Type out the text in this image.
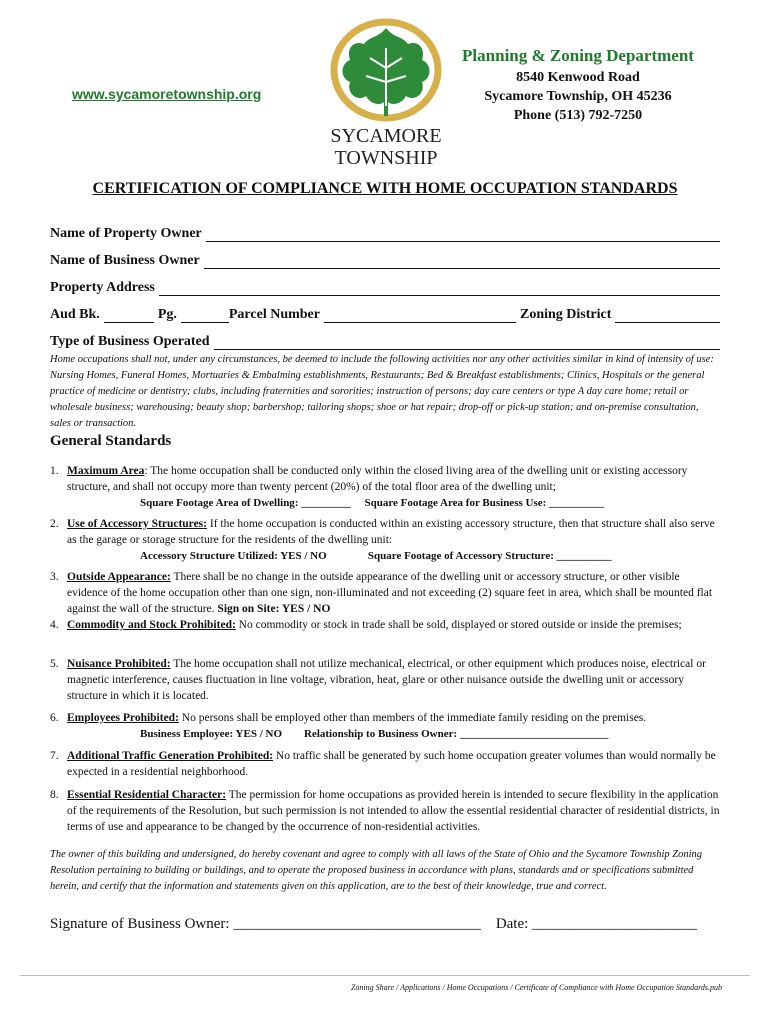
www.sycamoretownship.org
SYCAMORE
TOWNSHIP
Planning & Zoning Department
8540 Kenwood Road
Sycamore Township, OH 45236
Phone (513) 792-7250
CERTIFICATION OF COMPLIANCE WITH HOME OCCUPATION STANDARDS
Name of Property Owner
Name of Business Owner
Property Address
Aud Bk.	Pg.	Parcel Number	Zoning District
Type of Business Operated
Home occupations shall not, under any circumstances, be deemed to include the following activities nor any other activities similar in kind of intensity of use: Nursing Homes, Funeral Homes, Mortuaries & Embalming establishments, Restaurants; Bed & Breakfast establishments; Clinics, Hospitals or the general practice of medicine or dentistry; clubs, including fraternities and sororities; instruction of persons; day care centers or type A day care home; retail or wholesale business; warehousing; beauty shop; barbershop; tailoring shops; shoe or hat repair; drop-off or pick-up station; and on-premise consultation, sales or transaction.
General Standards
1. Maximum Area: The home occupation shall be conducted only within the closed living area of the dwelling unit or existing accessory structure, and shall not occupy more than twenty percent (20%) of the total floor area of the dwelling unit;
Square Footage Area of Dwelling: _________ Square Footage Area for Business Use: __________
2. Use of Accessory Structures: If the home occupation is conducted within an existing accessory structure, then that structure shall also serve as the garage or storage structure for the residents of the dwelling unit:
Accessory Structure Utilized: YES / NO	Square Footage of Accessory Structure: __________
3. Outside Appearance: There shall be no change in the outside appearance of the dwelling unit or accessory structure, or other visible evidence of the home occupation other than one sign, non-illuminated and not exceeding (2) square feet in area, which shall be mounted flat against the wall of the structure. Sign on Site: YES / NO
4. Commodity and Stock Prohibited: No commodity or stock in trade shall be sold, displayed or stored outside or inside the premises;
5. Nuisance Prohibited: The home occupation shall not utilize mechanical, electrical, or other equipment which produces noise, electrical or magnetic interference, causes fluctuation in line voltage, vibration, heat, glare or other nuisance outside the dwelling unit or accessory structure in which it is located.
6. Employees Prohibited: No persons shall be employed other than members of the immediate family residing on the premises.
Business Employee: YES / NO Relationship to Business Owner: ___________________________
7. Additional Traffic Generation Prohibited: No traffic shall be generated by such home occupation greater volumes than would normally be expected in a residential neighborhood.
8. Essential Residential Character: The permission for home occupations as provided herein is intended to secure flexibility in the application of the requirements of the Resolution, but such permission is not intended to allow the essential residential character of residential districts, in terms of use and appearance to be changed by the occurrence of non-residential activities.
The owner of this building and undersigned, do hereby covenant and agree to comply with all laws of the State of Ohio and the Sycamore Township Zoning Resolution pertaining to building or buildings, and to operate the proposed business in accordance with plans, standards and or specifications submitted herein, and certify that the information and statements given on this application, are to the best of their knowledge, true and correct.
Signature of Business Owner: _________________________________ Date: ______________________
Zoning Share / Applications / Home Occupations / Certificate of Compliance with Home Occupation Standards.pub
